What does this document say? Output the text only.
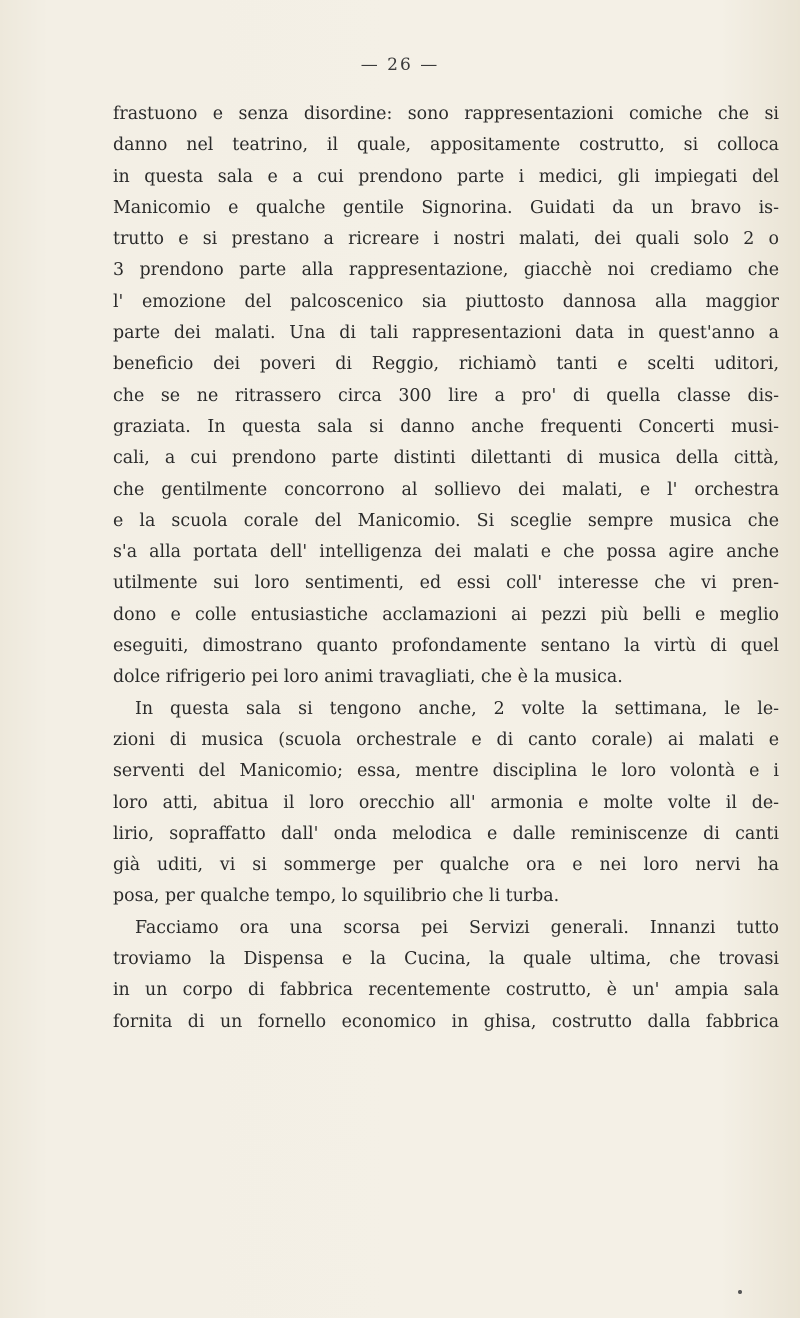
— 26 —
frastuono e senza disordine: sono rappresentazioni comiche che si
danno nel teatrino, il quale, appositamente costrutto, si colloca
in questa sala e a cui prendono parte i medici, gli impiegati del
Manicomio e qualche gentile Signorina. Guidati da un bravo is-
trutto e si prestano a ricreare i nostri malati, dei quali solo 2 o
3 prendono parte alla rappresentazione, giacchè noi crediamo che
l' emozione del palcoscenico sia piuttosto dannosa alla maggior
parte dei malati. Una di tali rappresentazioni data in quest'anno a
beneficio dei poveri di Reggio, richiamò tanti e scelti uditori,
che se ne ritrassero circa 300 lire a pro' di quella classe dis-
graziata. In questa sala si danno anche frequenti Concerti musi-
cali, a cui prendono parte distinti dilettanti di musica della città,
che gentilmente concorrono al sollievo dei malati, e l' orchestra
e la scuola corale del Manicomio. Si sceglie sempre musica che
s'a alla portata dell' intelligenza dei malati e che possa agire anche
utilmente sui loro sentimenti, ed essi coll' interesse che vi pren-
dono e colle entusiastiche acclamazioni ai pezzi più belli e meglio
eseguiti, dimostrano quanto profondamente sentano la virtù di quel
dolce rifrigerio pei loro animi travagliati, che è la musica.
In questa sala si tengono anche, 2 volte la settimana, le le-
zioni di musica (scuola orchestrale e di canto corale) ai malati e
serventi del Manicomio; essa, mentre disciplina le loro volontà e i
loro atti, abitua il loro orecchio all' armonia e molte volte il de-
lirio, sopraffatto dall' onda melodica e dalle reminiscenze di canti
già uditi, vi si sommerge per qualche ora e nei loro nervi ha
posa, per qualche tempo, lo squilibrio che li turba.
Facciamo ora una scorsa pei Servizi generali. Innanzi tutto
troviamo la Dispensa e la Cucina, la quale ultima, che trovasi
in un corpo di fabbrica recentemente costrutto, è un' ampia sala
fornita di un fornello economico in ghisa, costrutto dalla fabbrica
